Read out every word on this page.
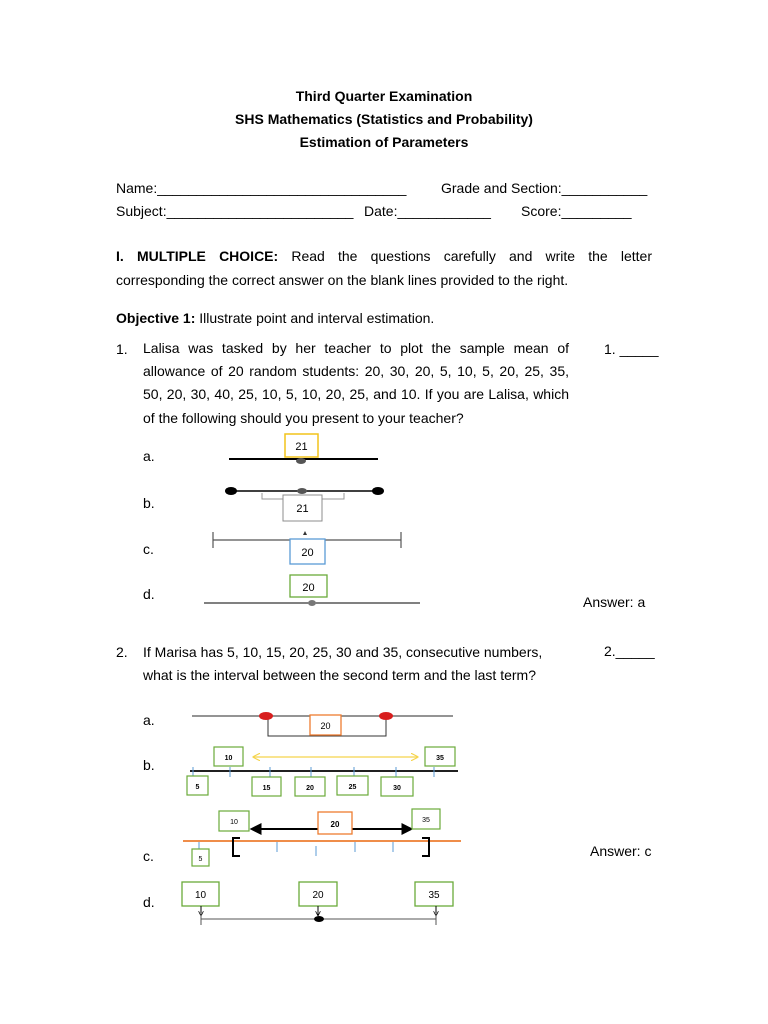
Third Quarter Examination
SHS Mathematics (Statistics and Probability)
Estimation of Parameters
Name:________________________________ Grade and Section:___________
Subject:________________________ Date:____________ Score:_________
I. MULTIPLE CHOICE: Read the questions carefully and write the letter
corresponding the correct answer on the blank lines provided to the right.
Objective 1: Illustrate point and interval estimation.
1. Lalisa was tasked by her teacher to plot the sample mean of
allowance of 20 random students: 20, 30, 20, 5, 10, 5, 20, 25, 35,
50, 20, 30, 40, 25, 10, 5, 10, 20, 25, and 10. If you are Lalisa, which
of the following should you present to your teacher?
1. _____
a.
b.
c.
d.	Answer: a
2. If Marisa has 5, 10, 15, 20, 25, 30 and 35, consecutive numbers,
what is the interval between the second term and the last term?
2._____
a.
b.
c.
d.
Answer: c
21
21
20
20
20
10	35
5	15	20	25	30
10	20	35
5
10	20	35
